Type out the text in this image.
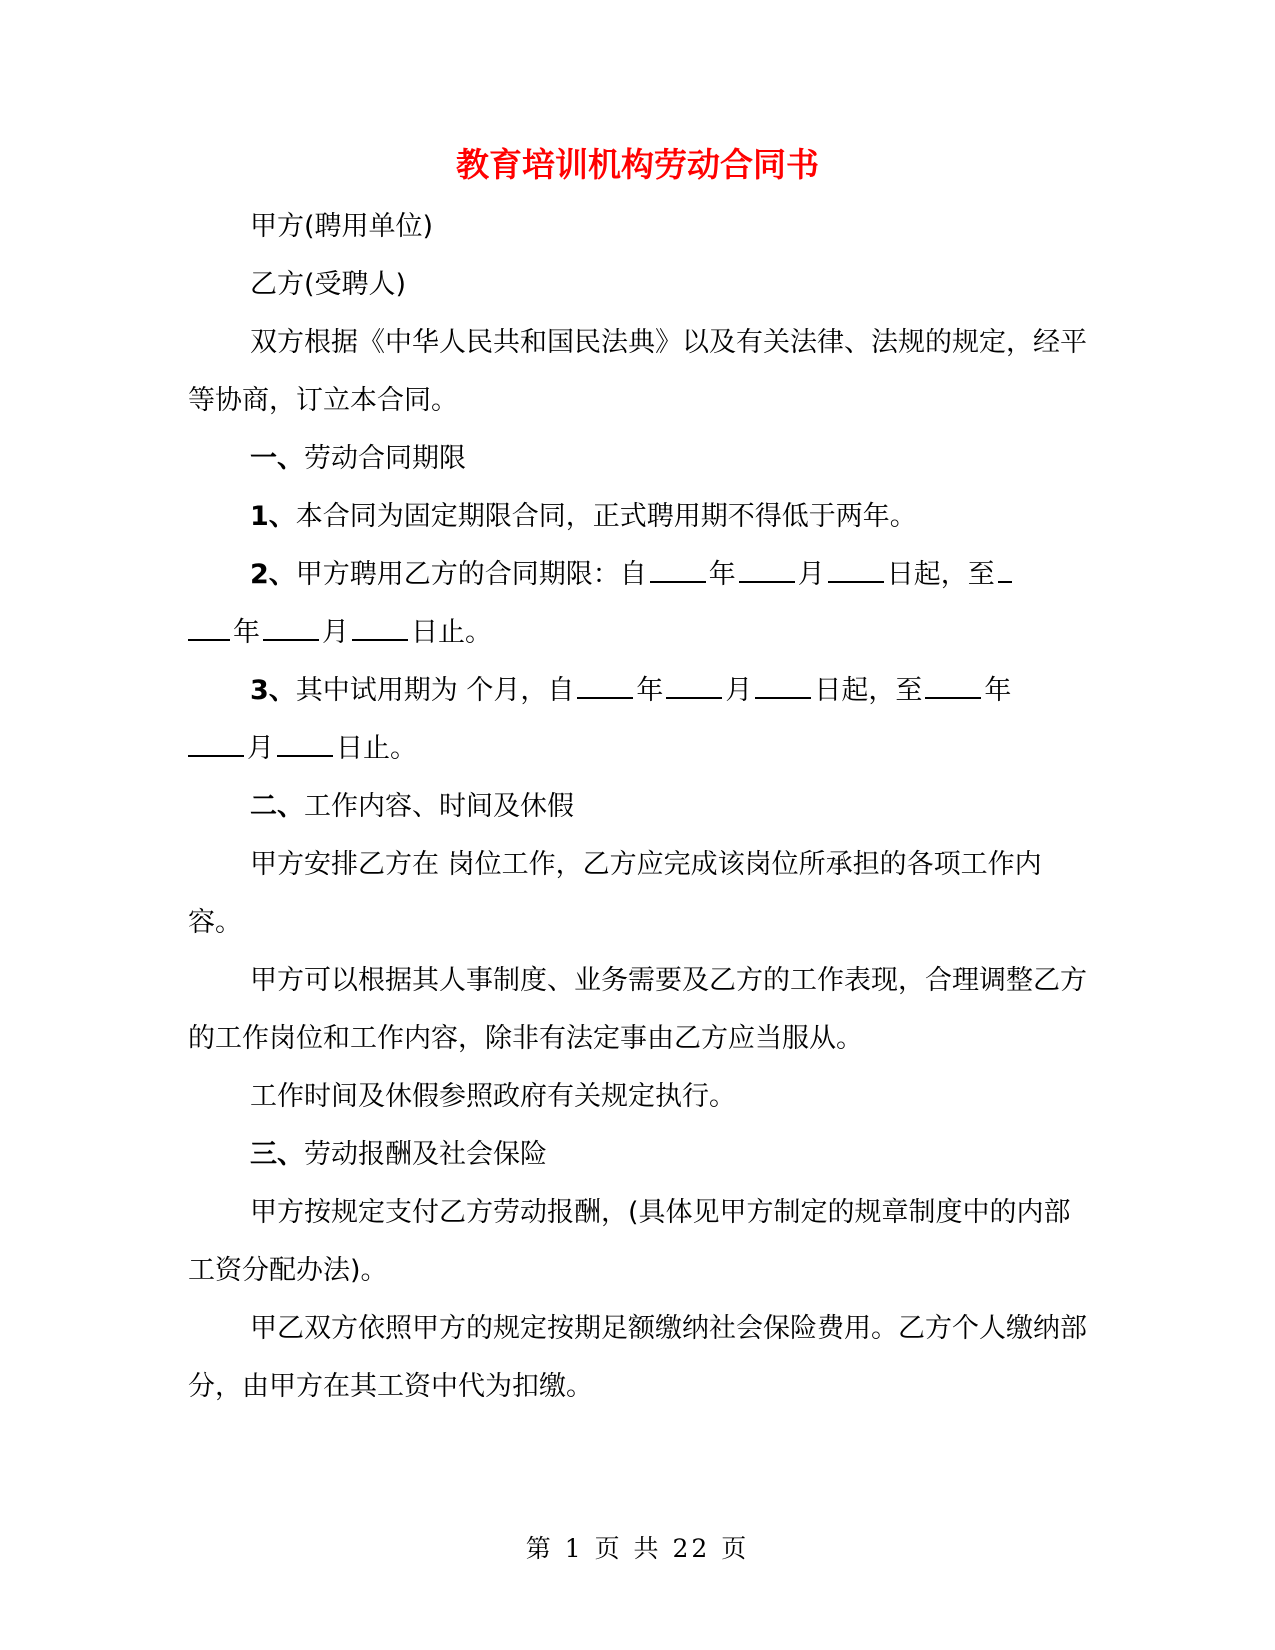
教育培训机构劳动合同书

甲方(聘用单位)

乙方(受聘人)

双方根据《中华人民共和国民法典》以及有关法律、法规的规定，经平等协商，订立本合同。

一、劳动合同期限

1、本合同为固定期限合同，正式聘用期不得低于两年。

2、甲方聘用乙方的合同期限：自 年 月 日起，至
年 月 日止。

3、其中试用期为 个月，自 年 月 日起，至 年
月 日止。

二、工作内容、时间及休假

甲方安排乙方在 岗位工作，乙方应完成该岗位所承担的各项工作内容。

甲方可以根据其人事制度、业务需要及乙方的工作表现，合理调整乙方的工作岗位和工作内容，除非有法定事由乙方应当服从。

工作时间及休假参照政府有关规定执行。

三、劳动报酬及社会保险

甲方按规定支付乙方劳动报酬，(具体见甲方制定的规章制度中的内部工资分配办法)。

甲乙双方依照甲方的规定按期足额缴纳社会保险费用。乙方个人缴纳部分，由甲方在其工资中代为扣缴。

第 1 页 共 22 页
